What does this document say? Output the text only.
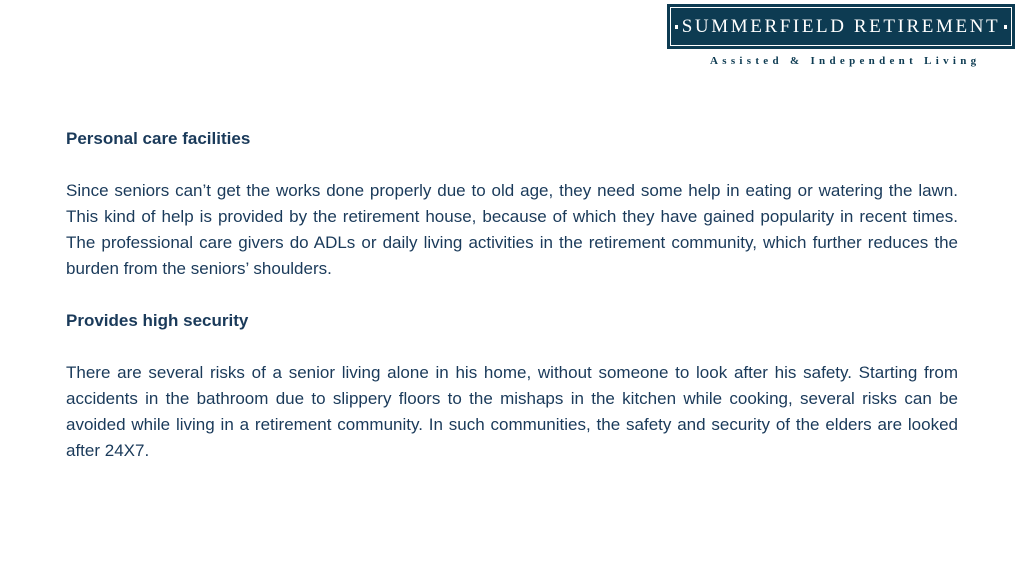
SUMMERFIELD RETIREMENT
Assisted & Independent Living

Personal care facilities

Since seniors can’t get the works done properly due to old age, they need some help in eating or watering the lawn. This kind of help is provided by the retirement house, because of which they have gained popularity in recent times. The professional care givers do ADLs or daily living activities in the retirement community, which further reduces the burden from the seniors’ shoulders.

Provides high security

There are several risks of a senior living alone in his home, without someone to look after his safety. Starting from accidents in the bathroom due to slippery floors to the mishaps in the kitchen while cooking, several risks can be avoided while living in a retirement community. In such communities, the safety and security of the elders are looked after 24X7.
